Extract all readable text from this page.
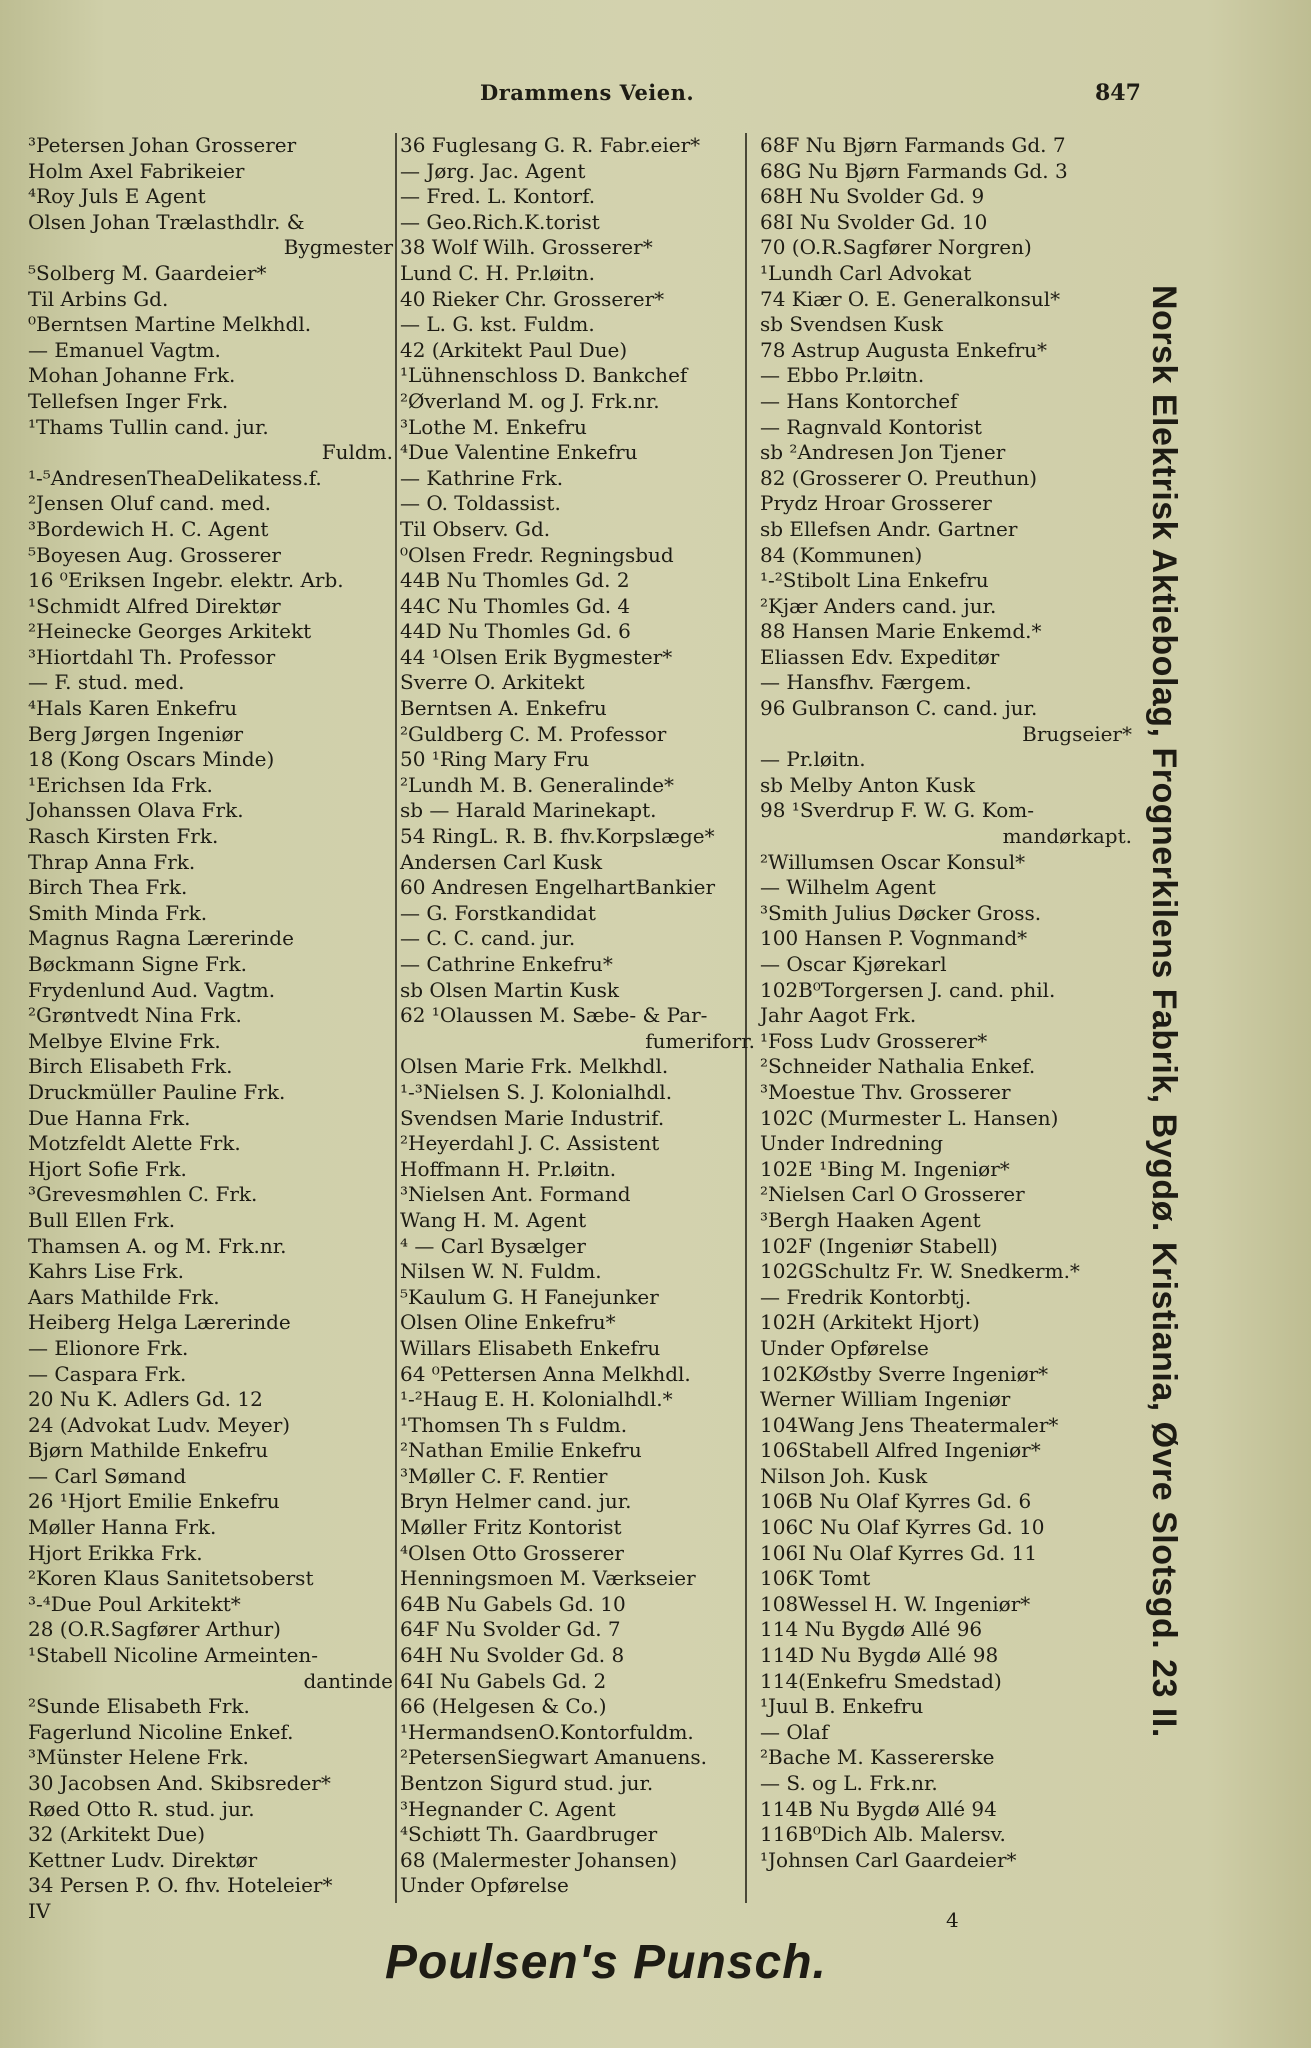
Drammens Veien.	847
³Petersen Johan Grosserer
Holm Axel Fabrikeier
⁴Roy Juls E Agent
Olsen Johan Trælasthdlr. &
Bygmester
⁵Solberg M. Gaardeier*
Til Arbins Gd.
⁰Berntsen Martine Melkhdl.
— Emanuel Vagtm.
Mohan Johanne Frk.
Tellefsen Inger Frk.
¹Thams Tullin cand. jur.
Fuldm.
¹-⁵AndresenTheaDelikatess.f.
²Jensen Oluf cand. med.
³Bordewich H. C. Agent
⁵Boyesen Aug. Grosserer
16 ⁰Eriksen Ingebr. elektr. Arb.
¹Schmidt Alfred Direktør
²Heinecke Georges Arkitekt
³Hiortdahl Th. Professor
— F. stud. med.
⁴Hals Karen Enkefru
Berg Jørgen Ingeniør
18 (Kong Oscars Minde)
¹Erichsen Ida Frk.
Johanssen Olava Frk.
Rasch Kirsten Frk.
Thrap Anna Frk.
Birch Thea Frk.
Smith Minda Frk.
Magnus Ragna Lærerinde
Bøckmann Signe Frk.
Frydenlund Aud. Vagtm.
²Grøntvedt Nina Frk.
Melbye Elvine Frk.
Birch Elisabeth Frk.
Druckmüller Pauline Frk.
Due Hanna Frk.
Motzfeldt Alette Frk.
Hjort Sofie Frk.
³Grevesmøhlen C. Frk.
Bull Ellen Frk.
Thamsen A. og M. Frk.nr.
Kahrs Lise Frk.
Aars Mathilde Frk.
Heiberg Helga Lærerinde
— Elionore Frk.
— Caspara Frk.
20 Nu K. Adlers Gd. 12
24 (Advokat Ludv. Meyer)
Bjørn Mathilde Enkefru
— Carl Sømand
26 ¹Hjort Emilie Enkefru
Møller Hanna Frk.
Hjort Erikka Frk.
²Koren Klaus Sanitetsoberst
³-⁴Due Poul Arkitekt*
28 (O.R.Sagfører Arthur)
¹Stabell Nicoline Armeinten-
dantinde
²Sunde Elisabeth Frk.
Fagerlund Nicoline Enkef.
³Münster Helene Frk.
30 Jacobsen And. Skibsreder*
Røed Otto R. stud. jur.
32 (Arkitekt Due)
Kettner Ludv. Direktør
34 Persen P. O. fhv. Hoteleier*
IV
36 Fuglesang G. R. Fabr.eier*
— Jørg. Jac. Agent
— Fred. L. Kontorf.
— Geo.Rich.K.torist
38 Wolf Wilh. Grosserer*
Lund C. H. Pr.løitn.
40 Rieker Chr. Grosserer*
— L. G. kst. Fuldm.
42 (Arkitekt Paul Due)
¹Lühnenschloss D. Bankchef
²Øverland M. og J. Frk.nr.
³Lothe M. Enkefru
⁴Due Valentine Enkefru
— Kathrine Frk.
— O. Toldassist.
Til Observ. Gd.
⁰Olsen Fredr. Regningsbud
44B Nu Thomles Gd. 2
44C Nu Thomles Gd. 4
44D Nu Thomles Gd. 6
44 ¹Olsen Erik Bygmester*
Sverre O. Arkitekt
Berntsen A. Enkefru
²Guldberg C. M. Professor
50 ¹Ring Mary Fru
²Lundh M. B. Generalinde*
sb — Harald Marinekapt.
54 RingL. R. B. fhv.Korpslæge*
Andersen Carl Kusk
60 Andresen EngelhartBankier
— G. Forstkandidat
— C. C. cand. jur.
— Cathrine Enkefru*
sb Olsen Martin Kusk
62 ¹Olaussen M. Sæbe- & Par-
fumeriforr.
Olsen Marie Frk. Melkhdl.
¹-³Nielsen S. J. Kolonialhdl.
Svendsen Marie Industrif.
²Heyerdahl J. C. Assistent
Hoffmann H. Pr.løitn.
³Nielsen Ant. Formand
Wang H. M. Agent
⁴ — Carl Bysælger
Nilsen W. N. Fuldm.
⁵Kaulum G. H Fanejunker
Olsen Oline Enkefru*
Willars Elisabeth Enkefru
64 ⁰Pettersen Anna Melkhdl.
¹-²Haug E. H. Kolonialhdl.*
¹Thomsen Th s Fuldm.
²Nathan Emilie Enkefru
³Møller C. F. Rentier
Bryn Helmer cand. jur.
Møller Fritz Kontorist
⁴Olsen Otto Grosserer
Henningsmoen M. Værkseier
64B Nu Gabels Gd. 10
64F Nu Svolder Gd. 7
64H Nu Svolder Gd. 8
64I Nu Gabels Gd. 2
66 (Helgesen & Co.)
¹HermandsenO.Kontorfuldm.
²PetersenSiegwart Amanuens.
Bentzon Sigurd stud. jur.
³Hegnander C. Agent
⁴Schiøtt Th. Gaardbruger
68 (Malermester Johansen)
Under Opførelse
68F Nu Bjørn Farmands Gd. 7
68G Nu Bjørn Farmands Gd. 3
68H Nu Svolder Gd. 9
68I Nu Svolder Gd. 10
70 (O.R.Sagfører Norgren)
¹Lundh Carl Advokat
74 Kiær O. E. Generalkonsul*
sb Svendsen Kusk
78 Astrup Augusta Enkefru*
— Ebbo Pr.løitn.
— Hans Kontorchef
— Ragnvald Kontorist
sb ²Andresen Jon Tjener
82 (Grosserer O. Preuthun)
Prydz Hroar Grosserer
sb Ellefsen Andr. Gartner
84 (Kommunen)
¹-²Stibolt Lina Enkefru
²Kjær Anders cand. jur.
88 Hansen Marie Enkemd.*
Eliassen Edv. Expeditør
— Hansfhv. Færgem.
96 Gulbranson C. cand. jur.
Brugseier*
— Pr.løitn.
sb Melby Anton Kusk
98 ¹Sverdrup F. W. G. Kom-
mandørkapt.
²Willumsen Oscar Konsul*
— Wilhelm Agent
³Smith Julius Døcker Gross.
100 Hansen P. Vognmand*
— Oscar Kjørekarl
102B⁰Torgersen J. cand. phil.
Jahr Aagot Frk.
¹Foss Ludv Grosserer*
²Schneider Nathalia Enkef.
³Moestue Thv. Grosserer
102C (Murmester L. Hansen)
Under Indredning
102E ¹Bing M. Ingeniør*
²Nielsen Carl O Grosserer
³Bergh Haaken Agent
102F (Ingeniør Stabell)
102GSchultz Fr. W. Snedkerm.*
— Fredrik Kontorbtj.
102H (Arkitekt Hjort)
Under Opførelse
102KØstby Sverre Ingeniør*
Werner William Ingeniør
104Wang Jens Theatermaler*
106Stabell Alfred Ingeniør*
Nilson Joh. Kusk
106B Nu Olaf Kyrres Gd. 6
106C Nu Olaf Kyrres Gd. 10
106I Nu Olaf Kyrres Gd. 11
106K Tomt
108Wessel H. W. Ingeniør*
114 Nu Bygdø Allé 96
114D Nu Bygdø Allé 98
114(Enkefru Smedstad)
¹Juul B. Enkefru
— Olaf
²Bache M. Kassererske
— S. og L. Frk.nr.
114B Nu Bygdø Allé 94
116B⁰Dich Alb. Malersv.
¹Johnsen Carl Gaardeier*
Norsk Elektrisk Aktiebolag, Frognerkilens Fabrik, Bygdø. Kristiania, Øvre Slotsgd. 23 II.
4
Poulsen's Punsch.
